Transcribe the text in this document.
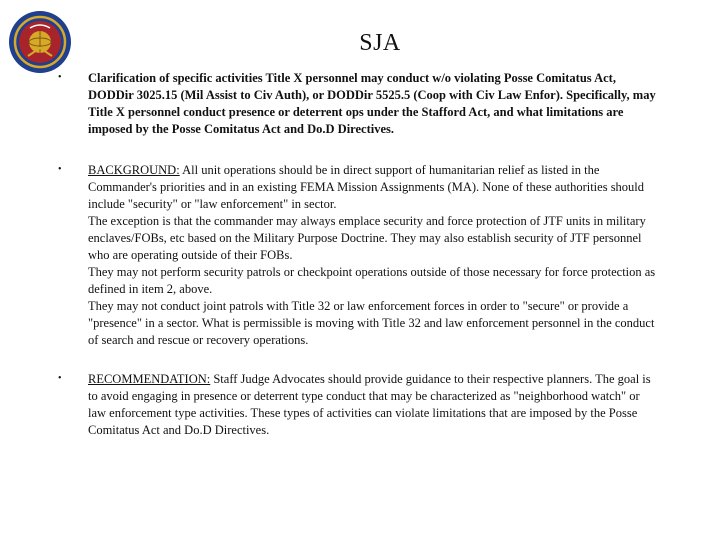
SJA
• Clarification of specific activities Title X personnel may conduct w/o violating Posse Comitatus Act, DODDir 3025.15 (Mil Assist to Civ Auth), or DODDir 5525.5 (Coop with Civ Law Enfor). Specifically, may Title X personnel conduct presence or deterrent ops under the Stafford Act, and what limitations are imposed by the Posse Comitatus Act and Do.D Directives.
• BACKGROUND: All unit operations should be in direct support of humanitarian relief as listed in the Commander's priorities and in an existing FEMA Mission Assignments (MA). None of these authorities should include "security" or "law enforcement" in sector.
The exception is that the commander may always emplace security and force protection of JTF units in military enclaves/FOBs, etc based on the Military Purpose Doctrine. They may also establish security of JTF personnel who are operating outside of their FOBs.
They may not perform security patrols or checkpoint operations outside of those necessary for force protection as defined in item 2, above.
They may not conduct joint patrols with Title 32 or law enforcement forces in order to "secure" or provide a "presence" in a sector. What is permissible is moving with Title 32 and law enforcement personnel in the conduct of search and rescue or recovery operations.
• RECOMMENDATION: Staff Judge Advocates should provide guidance to their respective planners. The goal is to avoid engaging in presence or deterrent type conduct that may be characterized as "neighborhood watch" or law enforcement type activities. These types of activities can violate limitations that are imposed by the Posse Comitatus Act and Do.D Directives.
